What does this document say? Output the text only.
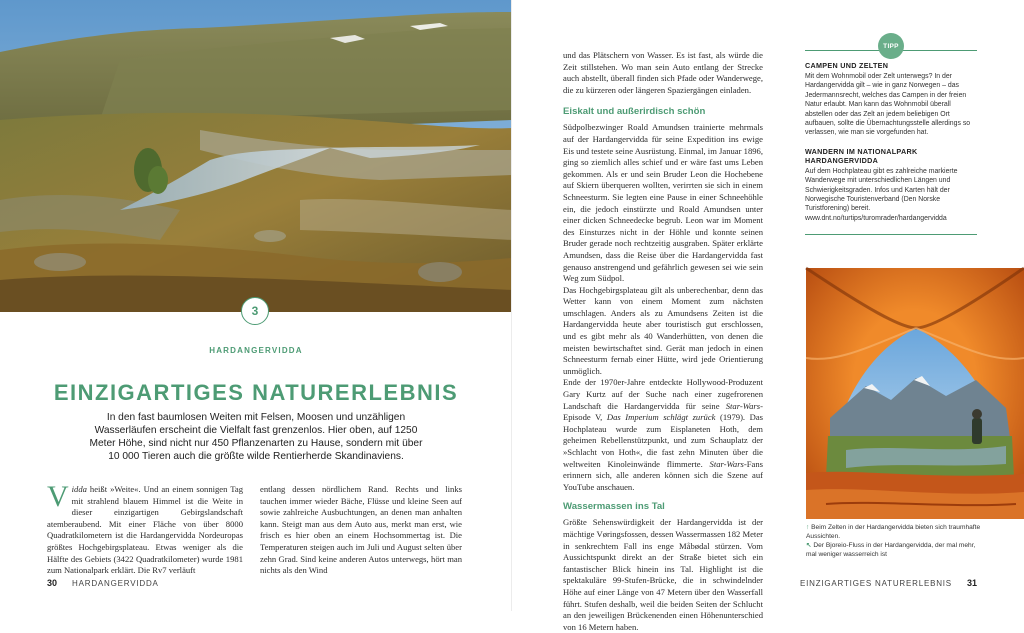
3
HARDANGERVIDDA
EINZIGARTIGES NATURERLEBNIS

In den fast baumlosen Weiten mit Felsen, Moosen und unzähligen Wasserläufen erscheint die Vielfalt fast grenzenlos. Hier oben, auf 1250 Meter Höhe, sind nicht nur 450 Pflanzenarten zu Hause, sondern mit über 10 000 Tieren auch die größte wilde Rentierherde Skandinaviens.

Vidda heißt »Weite«. Und an einem sonnigen Tag mit strahlend blauem Himmel ist die Weite in dieser einzigartigen Gebirgslandschaft atemberaubend. Mit einer Fläche von über 8000 Quadratkilometern ist die Hardangervidda Nordeuropas größtes Hochgebirgsplateau. Etwas weniger als die Hälfte des Gebiets (3422 Quadratkilometer) wurde 1981 zum Nationalpark erklärt. Die Rv7 verläuft
entlang dessen nördlichem Rand. Rechts und links tauchen immer wieder Bäche, Flüsse und kleine Seen auf sowie zahlreiche Ausbuchtungen, an denen man anhalten kann. Steigt man aus dem Auto aus, merkt man erst, wie frisch es hier oben an einem Hochsommertag ist. Die Temperaturen steigen auch im Juli und August selten über zehn Grad. Sind keine anderen Autos unterwegs, hört man nichts als den Wind
30 HARDANGERVIDDA

und das Plätschern von Wasser. Es ist fast, als würde die Zeit stillstehen. Wo man sein Auto entlang der Strecke auch abstellt, überall finden sich Pfade oder Wanderwege, die zu kürzeren oder längeren Spaziergängen einladen.

Eiskalt und außerirdisch schön

Südpolbezwinger Roald Amundsen trainierte mehrmals auf der Hardangervidda für seine Expedition ins ewige Eis und testete seine Ausrüstung. Einmal, im Januar 1896, ging so ziemlich alles schief und er wäre fast ums Leben gekommen. Als er und sein Bruder Leon die Hochebene auf Skiern überqueren wollten, verirrten sie sich in einem Schneesturm. Sie legten eine Pause in einer Schneehöhle ein, die jedoch einstürzte und Roald Amundsen unter einer dicken Schneedecke begrub. Leon war im Moment des Einsturzes nicht in der Höhle und konnte seinen Bruder gerade noch rechtzeitig ausgraben. Später erklärte Amundsen, dass die Reise über die Hardangervidda fast genauso anstrengend und gefährlich gewesen sei wie sein Weg zum Südpol.

Das Hochgebirgsplateau gilt als unberechenbar, denn das Wetter kann von einem Moment zum nächsten umschlagen. Anders als zu Amundsens Zeiten ist die Hardangervidda heute aber touristisch gut erschlossen, und es gibt mehr als 40 Wanderhütten, von denen die meisten bewirtschaftet sind. Gerät man jedoch in einen Schneesturm fernab einer Hütte, wird jede Orientierung unmöglich.

Ende der 1970er-Jahre entdeckte Hollywood-Produzent Gary Kurtz auf der Suche nach einer zugefrorenen Landschaft die Hardangervidda für seine Star-Wars-Episode V, Das Imperium schlägt zurück (1979). Das Hochplateau wurde zum Eisplaneten Hoth, dem geheimen Rebellenstützpunkt, und zum Schauplatz der »Schlacht von Hoth«, die fast zehn Minuten über die weltweiten Kinoleinwände flimmerte. Star-Wars-Fans erinnern sich, alle anderen können sich die Szene auf YouTube anschauen.

Wassermassen ins Tal

Größte Sehenswürdigkeit der Hardangervidda ist der mächtige Vøringsfossen, dessen Wassermassen 182 Meter in senkrechtem Fall ins enge Måbødal stürzen. Vom Aussichtspunkt direkt an der Straße bietet sich ein fantastischer Blick hinein ins Tal. Highlight ist die spektakuläre 99-Stufen-Brücke, die in schwindelnder Höhe auf einer Länge von 47 Metern über den Wasserfall führt. Stufen deshalb, weil die beiden Seiten der Schlucht an den jeweiligen Brückenenden einen Höhenunterschied von 16 Metern haben.

TIPP
CAMPEN UND ZELTEN
Mit dem Wohnmobil oder Zelt unterwegs? In der Hardangervidda gilt – wie in ganz Norwegen – das Jedermannsrecht, welches das Campen in der freien Natur erlaubt. Man kann das Wohnmobil überall abstellen oder das Zelt an jedem beliebigen Ort aufbauen, sollte die Übernachtungsstelle allerdings so verlassen, wie man sie vorgefunden hat.
WANDERN IM NATIONALPARK HARDANGERVIDDA
Auf dem Hochplateau gibt es zahlreiche markierte Wanderwege mit unterschiedlichen Längen und Schwierigkeitsgraden. Infos und Karten hält der Norwegische Touristenverband (Den Norske Turistforening) bereit.
www.dnt.no/turtips/turomrader/hardangervidda
↑ Beim Zelten in der Hardangervidda bieten sich traumhafte Aussichten.
↖ Der Bjoreio-Fluss in der Hardangervidda, der mal mehr, mal weniger wasserreich ist
EINZIGARTIGES NATURERLEBNIS 31
